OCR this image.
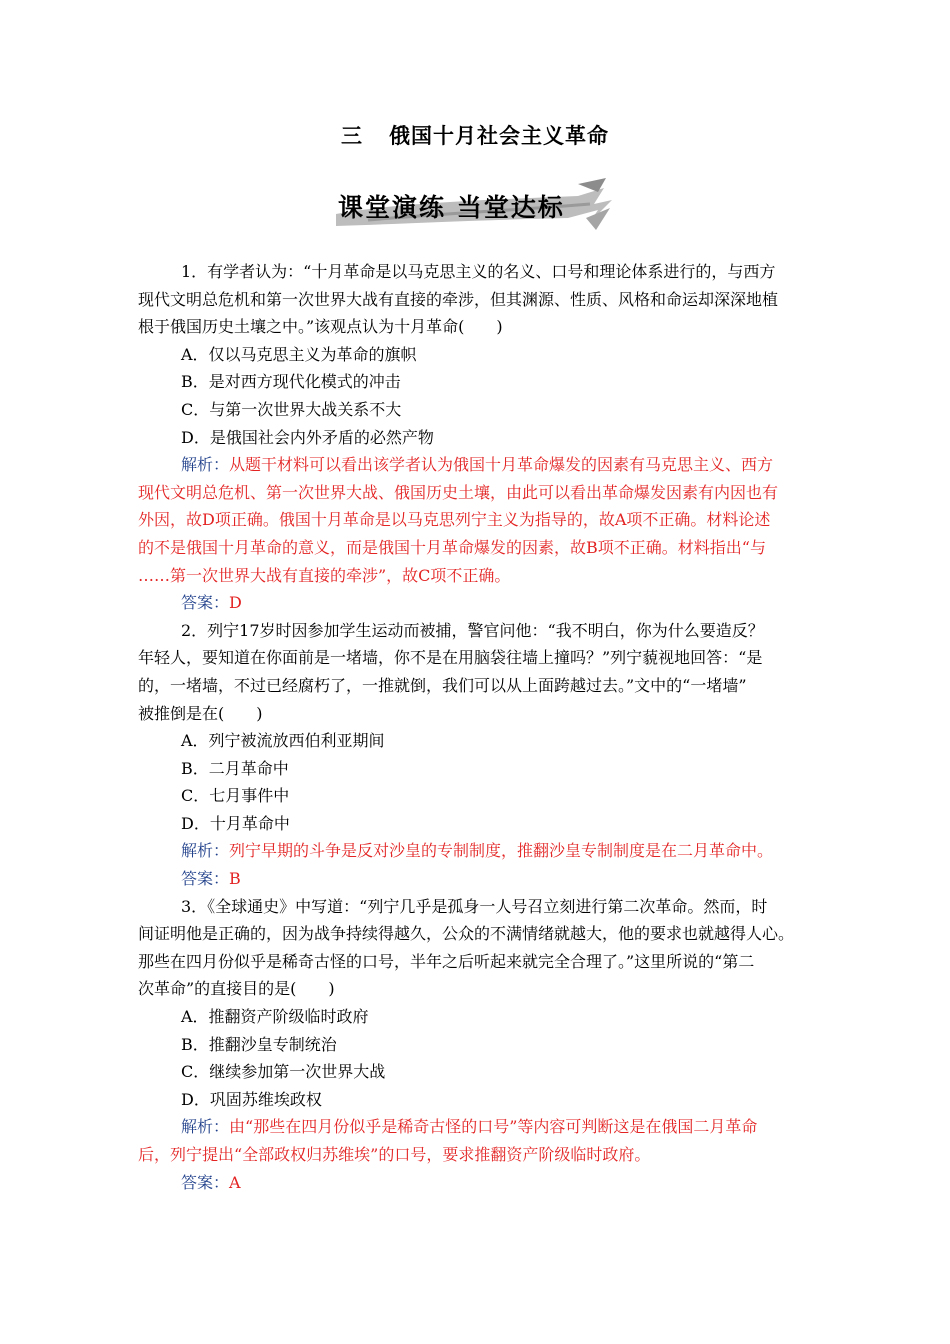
三 俄国十月社会主义革命
课堂演练 当堂达标
1．有学者认为：“十月革命是以马克思主义的名义、口号和理论体系进行的，与西方
现代文明总危机和第一次世界大战有直接的牵涉，但其渊源、性质、风格和命运却深深地植
根于俄国历史土壤之中。”该观点认为十月革命(　　)
A．仅以马克思主义为革命的旗帜
B．是对西方现代化模式的冲击
C．与第一次世界大战关系不大
D．是俄国社会内外矛盾的必然产物
解析：从题干材料可以看出该学者认为俄国十月革命爆发的因素有马克思主义、西方
现代文明总危机、第一次世界大战、俄国历史土壤，由此可以看出革命爆发因素有内因也有
外因，故D项正确。俄国十月革命是以马克思列宁主义为指导的，故A项不正确。材料论述
的不是俄国十月革命的意义，而是俄国十月革命爆发的因素，故B项不正确。材料指出“与
……第一次世界大战有直接的牵涉”，故C项不正确。
答案：D
2．列宁17岁时因参加学生运动而被捕，警官问他：“我不明白，你为什么要造反？
年轻人，要知道在你面前是一堵墙，你不是在用脑袋往墙上撞吗？”列宁藐视地回答：“是
的，一堵墙，不过已经腐朽了，一推就倒，我们可以从上面跨越过去。”文中的“一堵墙”
被推倒是在(　　)
A．列宁被流放西伯利亚期间
B．二月革命中
C．七月事件中
D．十月革命中
解析：列宁早期的斗争是反对沙皇的专制制度，推翻沙皇专制制度是在二月革命中。
答案：B
3．《全球通史》中写道：“列宁几乎是孤身一人号召立刻进行第二次革命。然而，时
间证明他是正确的，因为战争持续得越久，公众的不满情绪就越大，他的要求也就越得人心。
那些在四月份似乎是稀奇古怪的口号，半年之后听起来就完全合理了。”这里所说的“第二
次革命”的直接目的是(　　)
A．推翻资产阶级临时政府
B．推翻沙皇专制统治
C．继续参加第一次世界大战
D．巩固苏维埃政权
解析：由“那些在四月份似乎是稀奇古怪的口号”等内容可判断这是在俄国二月革命
后，列宁提出“全部政权归苏维埃”的口号，要求推翻资产阶级临时政府。
答案：A
